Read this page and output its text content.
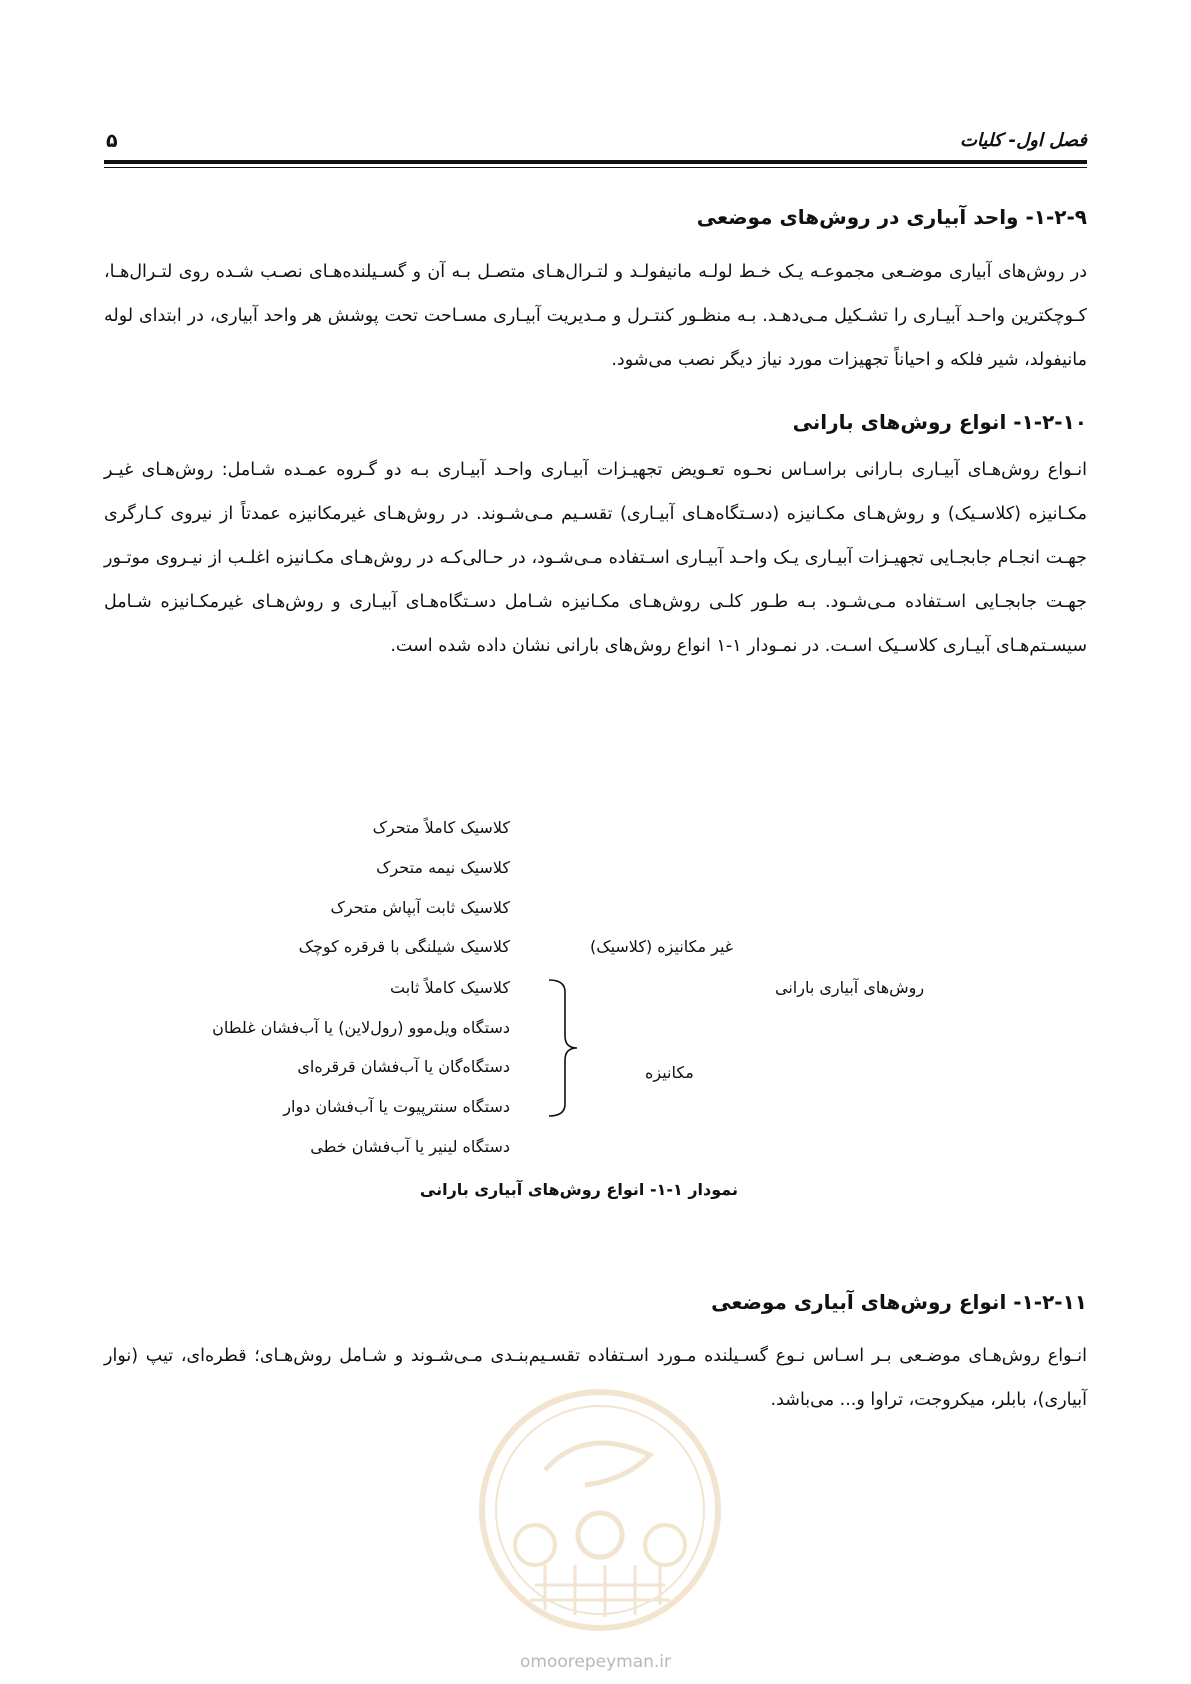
فصل اول- کلیات
۵
۱-۲-۹- واحد آبیاری در روش‌های موضعی
در روش‌های آبیاری موضـعی مجموعـه یـک خـط لولـه مانیفولـد و لتـرال‌هـای متصـل بـه آن و گسـیلنده‌هـای نصـب شـده روی لتـرال‌هـا، کـوچکترین واحـد آبیـاری را تشـکیل مـی‌دهـد. بـه منظـور کنتـرل و مـدیریت آبیـاری مسـاحت تحت پوشش هر واحد آبیاری، در ابتدای لوله مانیفولد، شیر فلکه و احیاناً تجهیزات مورد نیاز دیگر نصب می‌شود.
۱-۲-۱۰- انواع روش‌های بارانی
انـواع روش‌هـای آبیـاری بـارانی براسـاس نحـوه تعـویض تجهیـزات آبیـاری واحـد آبیـاری بـه دو گـروه عمـده شـامل: روش‌هـای غیـر مکـانیزه (کلاسـیک) و روش‌هـای مکـانیزه (دسـتگاه‌هـای آبیـاری) تقسـیم مـی‌شـوند. در روش‌هـای غیرمکانیزه عمدتاً از نیروی کـارگری جهـت انجـام جابجـایی تجهیـزات آبیـاری یـک واحـد آبیـاری اسـتفاده مـی‌شـود، در حـالی‌کـه در روش‌هـای مکـانیزه اغلـب از نیـروی موتـور جهـت جابجـایی اسـتفاده مـی‌شـود. بـه طـور کلـی روش‌هـای مکـانیزه شـامل دسـتگاه‌هـای آبیـاری و روش‌هـای غیرمکـانیزه شـامل سیسـتم‌هـای آبیـاری کلاسـیک اسـت. در نمـودار ۱-۱ انواع روش‌های بارانی نشان داده شده است.
روش‌های آبیاری بارانی
غیر مکانیزه (کلاسیک)
مکانیزه
کلاسیک کاملاً متحرک
کلاسیک نیمه متحرک
کلاسیک ثابت آبپاش متحرک
کلاسیک شیلنگی با قرقره کوچک
کلاسیک کاملاً ثابت
دستگاه ویل‌موو (رول‌لاین) یا آب‌فشان غلطان
دستگاه‌گان یا آب‌فشان قرقره‌ای
دستگاه سنترپیوت یا آب‌فشان دوار
دستگاه لینیر یا آب‌فشان خطی
نمودار ۱-۱- انواع روش‌های آبیاری بارانی
۱-۲-۱۱- انواع روش‌های آبیاری موضعی
انـواع روش‌هـای موضـعی بـر اسـاس نـوع گسـیلنده مـورد اسـتفاده تقسـیم‌بنـدی مـی‌شـوند و شـامل روش‌هـای؛ قطره‌ای، تیپ (نوار آبیاری)، بابلر، میکروجت، تراوا و... می‌باشد.
omoorepeyman.ir
